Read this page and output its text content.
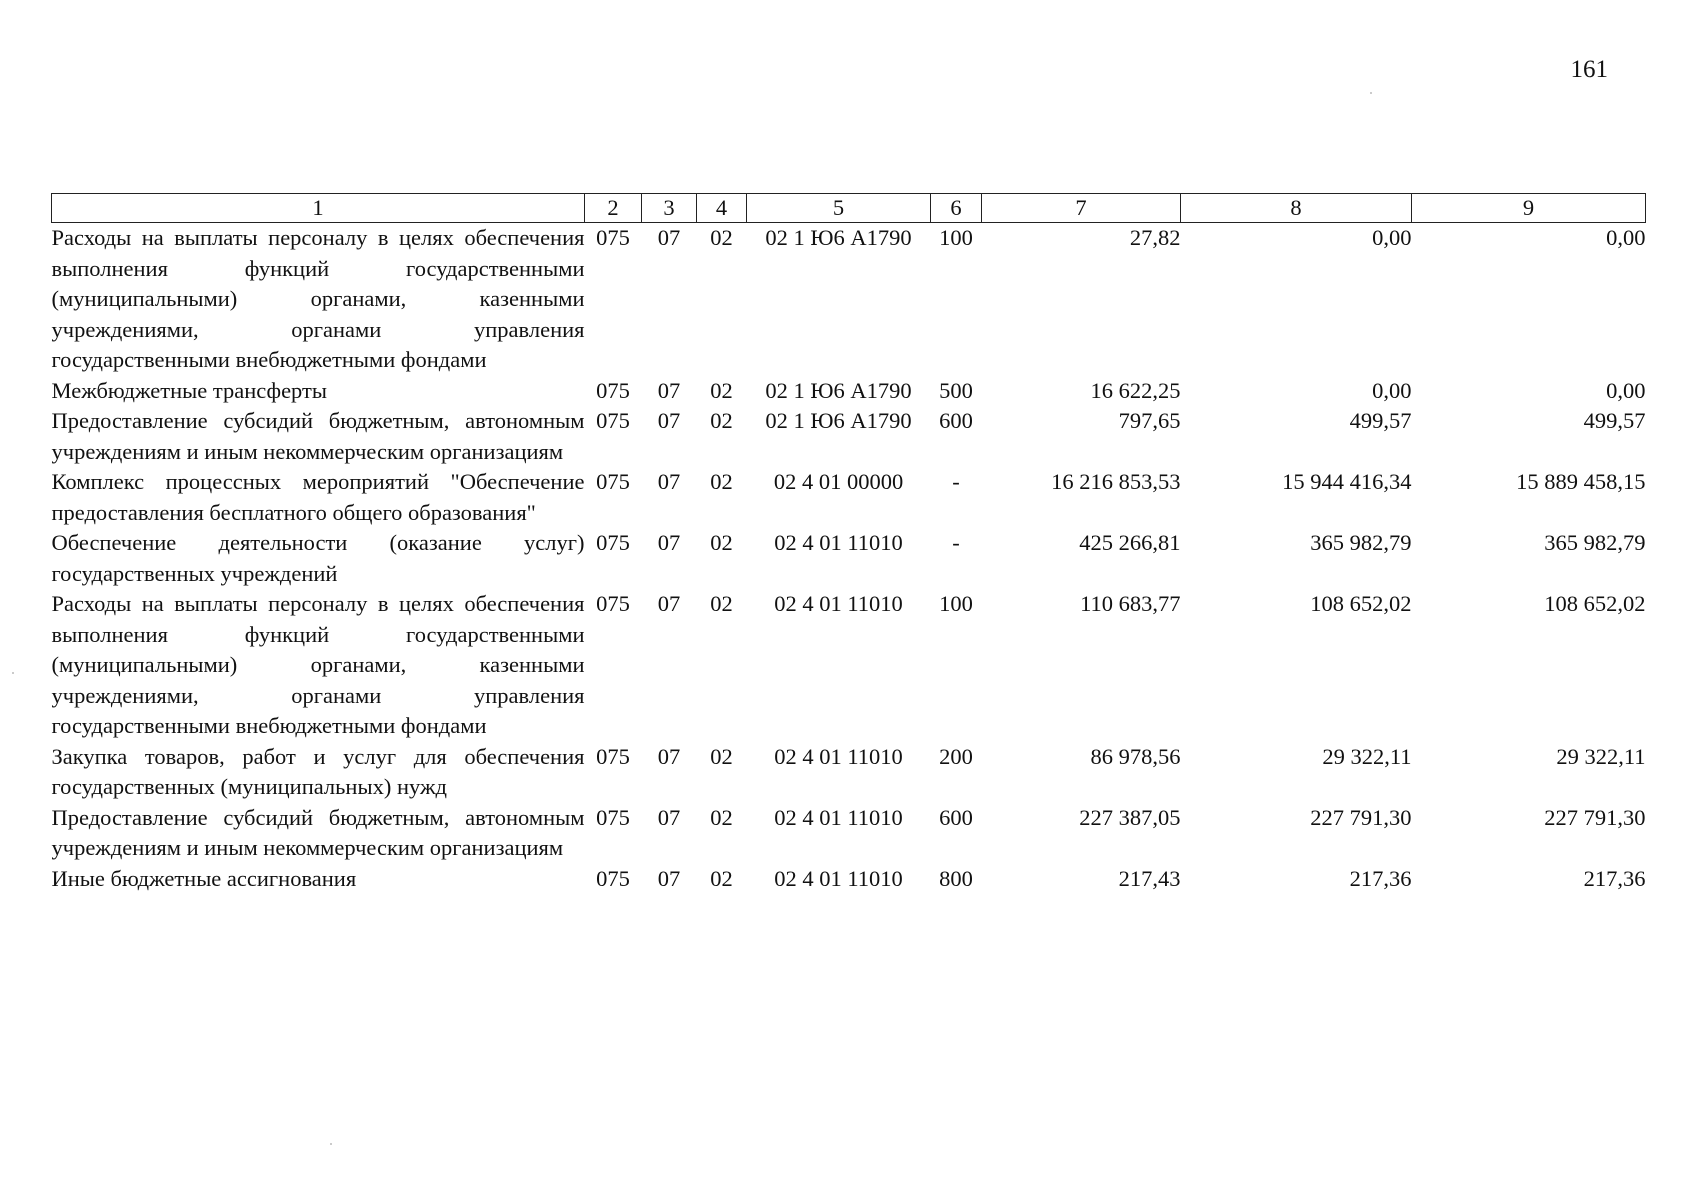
161
1	2	3	4	5	6	7	8	9
Расходы на выплаты персоналу в целях обеспечения выполнения функций государственными (муниципальными) органами, казенными учреждениями, органами управления государственными внебюджетными фондами	075	07	02	02 1 Ю6 А1790	100	27,82	0,00	0,00
Межбюджетные трансферты	075	07	02	02 1 Ю6 А1790	500	16 622,25	0,00	0,00
Предоставление субсидий бюджетным, автономным учреждениям и иным некоммерческим организациям	075	07	02	02 1 Ю6 А1790	600	797,65	499,57	499,57
Комплекс процессных мероприятий "Обеспечение предоставления бесплатного общего образования"	075	07	02	02 4 01 00000	-	16 216 853,53	15 944 416,34	15 889 458,15
Обеспечение деятельности (оказание услуг) государственных учреждений	075	07	02	02 4 01 11010	-	425 266,81	365 982,79	365 982,79
Расходы на выплаты персоналу в целях обеспечения выполнения функций государственными (муниципальными) органами, казенными учреждениями, органами управления государственными внебюджетными фондами	075	07	02	02 4 01 11010	100	110 683,77	108 652,02	108 652,02
Закупка товаров, работ и услуг для обеспечения государственных (муниципальных) нужд	075	07	02	02 4 01 11010	200	86 978,56	29 322,11	29 322,11
Предоставление субсидий бюджетным, автономным учреждениям и иным некоммерческим организациям	075	07	02	02 4 01 11010	600	227 387,05	227 791,30	227 791,30
Иные бюджетные ассигнования	075	07	02	02 4 01 11010	800	217,43	217,36	217,36
